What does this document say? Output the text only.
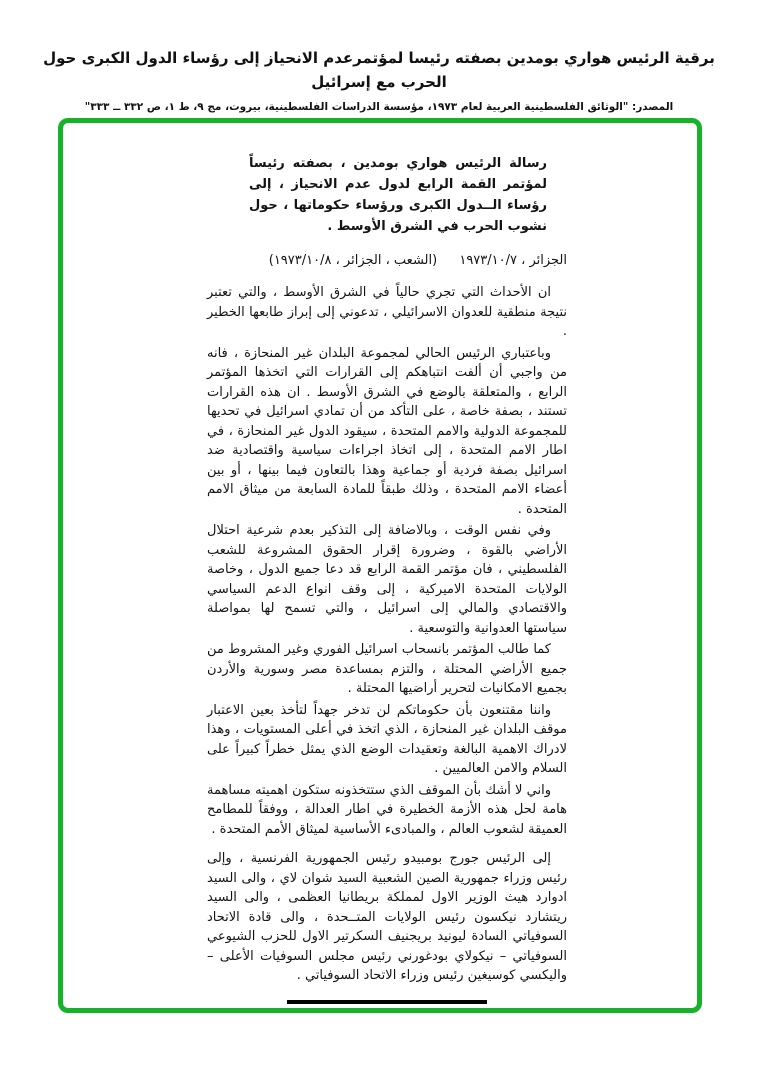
برقية الرئيس هواري بومدين بصفته رئيسا لمؤتمرعدم الانحياز إلى رؤساء الدول الكبرى حول الحرب مع إسرائيل
المصدر: "الوثائق الفلسطينية العربية لعام ١٩٧٣، مؤسسة الدراسات الفلسطينية، بيروت، مج ٩، ط ١، ص ٣٣٢ ــ ٣٣٣"

رسالة الرئيس هواري بومدين ، بصفته رئيساً لمؤتمر القمة الرابع لدول عدم الانحياز ، إلى رؤساء الــدول الكبرى ورؤساء حكوماتها ، حول نشوب الحرب في الشرق الأوسط .

الجزائر ، ١٩٧٣/١٠/٧ (الشعب ، الجزائر ، ١٩٧٣/١٠/٨)

ان الأحداث التي تجري حالياً في الشرق الأوسط ، والتي تعتبر نتيجة منطقية للعدوان الاسرائيلي ، تدعوني إلى إبراز طابعها الخطير .

وباعتباري الرئيس الحالي لمجموعة البلدان غير المنحازة ، فانه من واجبي أن ألفت انتباهكم إلى القرارات التي اتخذها المؤتمر الرابع ، والمتعلقة بالوضع في الشرق الأوسط . ان هذه القرارات تستند ، بصفة خاصة ، على التأكد من أن تمادي اسرائيل في تحديها للمجموعة الدولية والامم المتحدة ، سيقود الدول غير المنحازة ، في اطار الامم المتحدة ، إلى اتخاذ اجراءات سياسية واقتصادية ضد اسرائيل بصفة فردية أو جماعية وهذا بالتعاون فيما بينها ، أو بين أعضاء الامم المتحدة ، وذلك طبقاً للمادة السابعة من ميثاق الامم المتحدة .

وفي نفس الوقت ، وبالاضافة إلى التذكير بعدم شرعية احتلال الأراضي بالقوة ، وضرورة إقرار الحقوق المشروعة للشعب الفلسطيني ، فان مؤتمر القمة الرابع قد دعا جميع الدول ، وخاصة الولايات المتحدة الاميركية ، إلى وقف انواع الدعم السياسي والاقتصادي والمالي إلى اسرائيل ، والتي تسمح لها بمواصلة سياستها العدوانية والتوسعية .

كما طالب المؤتمر بانسحاب اسرائيل الفوري وغير المشروط من جميع الأراضي المحتلة ، والتزم بمساعدة مصر وسورية والأردن بجميع الامكانيات لتحرير أراضيها المحتلة .

واننا مقتنعون بأن حكوماتكم لن تدخر جهداً لتأخذ بعين الاعتبار موقف البلدان غير المنحازة ، الذي اتخذ في أعلى المستويات ، وهذا لادراك الاهمية البالغة وتعقيدات الوضع الذي يمثل خطراً كبيراً على السلام والامن العالميين .

واني لا أشك بأن الموقف الذي ستتخذونه ستكون اهميته مساهمة هامة لحل هذه الأزمة الخطيرة في اطار العدالة ، ووفقاً للمطامح العميقة لشعوب العالم ، والمبادىء الأساسية لميثاق الأمم المتحدة .

إلى الرئيس جورج بومبيدو رئيس الجمهورية الفرنسية ، وإلى رئيس وزراء جمهورية الصين الشعبية السيد شوان لاي ، والى السيد ادوارد هيث الوزير الاول لمملكة بريطانيا العظمى ، والى السيد ريتشارد نيكسون رئيس الولايات المتــحدة ، والى قادة الاتحاد السوفياتي السادة ليونيد بريجنيف السكرتير الاول للحزب الشيوعي السوفياتي – نيكولاي بودغورني رئيس مجلس السوفيات الأعلى – واليكسي كوسيغين رئيس وزراء الاتحاد السوفياتي .
